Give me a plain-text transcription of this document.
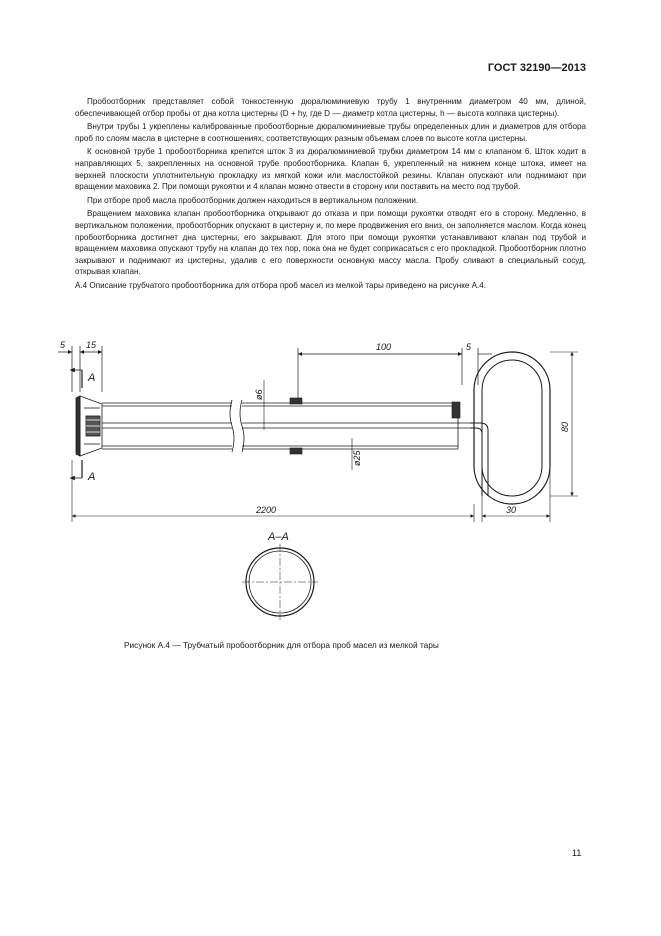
ГОСТ 32190—2013

Пробоотборник представляет собой тонкостенную дюралюминиевую трубу 1 внутренним диаметром 40 мм, длиной, обеспечивающей отбор пробы от дна котла цистерны (D + hу, где D — диаметр котла цистерны, h — высота колпака цистерны).

Внутри трубы 1 укреплены калиброванные пробоотборные дюралюминиевые трубы определенных длин и диаметров для отбора проб по слоям масла в цистерне в соотношениях, соответствующих разным объемам слоев по высоте котла цистерны.

К основной трубе 1 пробоотборника крепится шток 3 из дюралюминиевой трубки диаметром 14 мм с клапаном 6. Шток ходит в направляющих 5, закрепленных на основной трубе пробоотборника. Клапан 6, укрепленный на нижнем конце штока, имеет на верхней плоскости уплотнительную прокладку из мягкой кожи или маслостойкой резины. Клапан опускают или поднимают при вращении маховика 2. При помощи рукоятки и 4 клапан можно отвести в сторону или поставить на место под трубой.

При отборе проб масла пробоотборник должен находиться в вертикальном положении.

Вращением маховика клапан пробоотборника открывают до отказа и при помощи рукоятки отводят его в сторону. Медленно, в вертикальном положении, пробоотборник опускают в цистерну и, по мере продвижения его вниз, он заполняется маслом. Когда конец пробоотборника достигнет дна цистерны, его закрывают. Для этого при помощи рукоятки устанавливают клапан под трубой и вращением маховика опускают трубу на клапан до тех пор, пока она не будет соприкасаться с его прокладкой. Пробоотборник плотно закрывают и поднимают из цистерны, удалив с его поверхности основную массу масла. Пробу сливают в специальный сосуд, открывая клапан.

А.4 Описание трубчатого пробоотборника для отбора проб масел из мелкой тары приведено на рисунке А.4.

5 15	100	5
А
А
ø6
ø25
80
2200	30
А–А
Рисунок А.4 — Трубчатый пробоотборник для отбора проб масел из мелкой тары
11
